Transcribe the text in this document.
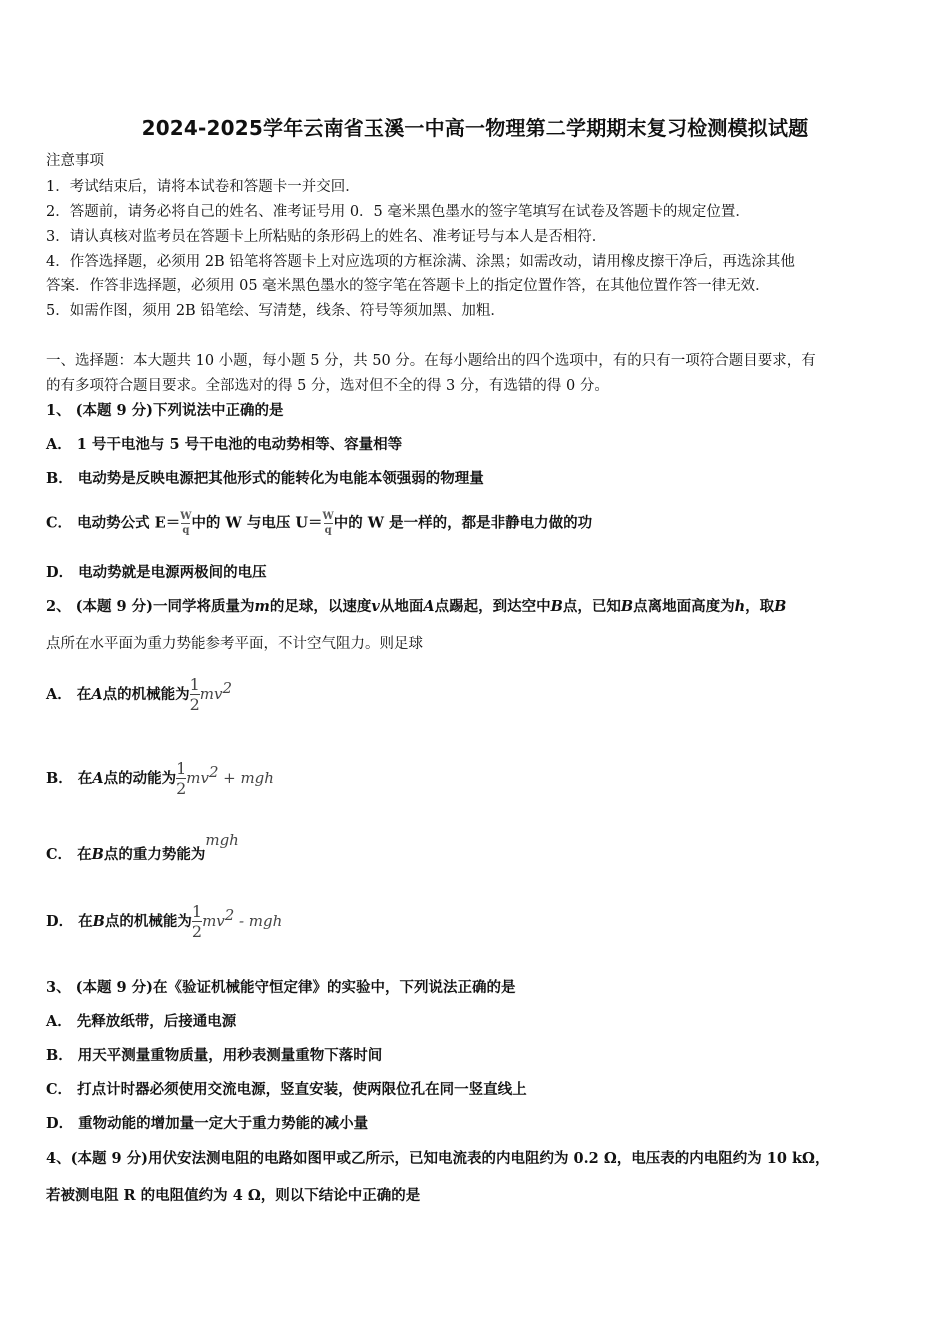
2024-2025学年云南省玉溪一中高一物理第二学期期末复习检测模拟试题
注意事项
1．考试结束后，请将本试卷和答题卡一并交回．
2．答题前，请务必将自己的姓名、准考证号用 0．5 毫米黑色墨水的签字笔填写在试卷及答题卡的规定位置．
3．请认真核对监考员在答题卡上所粘贴的条形码上的姓名、准考证号与本人是否相符．
4．作答选择题，必须用 2B 铅笔将答题卡上对应选项的方框涂满、涂黑；如需改动，请用橡皮擦干净后，再选涂其他
答案．作答非选择题，必须用 05 毫米黑色墨水的签字笔在答题卡上的指定位置作答，在其他位置作答一律无效．
5．如需作图，须用 2B 铅笔绘、写清楚，线条、符号等须加黑、加粗．
一、选择题：本大题共 10 小题，每小题 5 分，共 50 分。在每小题给出的四个选项中，有的只有一项符合题目要求，有
的有多项符合题目要求。全部选对的得 5 分，选对但不全的得 3 分，有选错的得 0 分。
1、 (本题 9 分)下列说法中正确的是
A． 1 号干电池与 5 号干电池的电动势相等、容量相等
B． 电动势是反映电源把其他形式的能转化为电能本领强弱的物理量
C． 电动势公式 $E= \frac{W}{q}$ 中的 W 与电压 $U= \frac{W}{q}$ 中的 W 是一样的，都是非静电力做的功
D． 电动势就是电源两极间的电压
2、 (本题 9 分)一同学将质量为m的足球，以速度v从地面A点踢起，到达空中B点，已知B点离地面高度为h，取B
点所在水平面为重力势能参考平面，不计空气阻力。则足球
A． 在A点的机械能为 $\frac{1}{2} mv^2$
B． 在A点的动能为 $\frac{1}{2} mv^2$ + mgh
C． 在B点的重力势能为mgh
D． 在B点的机械能为 $\frac{1}{2} mv^2$ - mgh
3、 (本题 9 分)在《验证机械能守恒定律》的实验中，下列说法正确的是
A． 先释放纸带，后接通电源
B． 用天平测量重物质量，用秒表测量重物下落时间
C． 打点计时器必须使用交流电源，竖直安装，使两限位孔在同一竖直线上
D． 重物动能的增加量一定大于重力势能的减小量
4、(本题 9 分)用伏安法测电阻的电路如图甲或乙所示，已知电流表的内电阻约为 0.2 Ω，电压表的内电阻约为 10 kΩ，
若被测电阻 R 的电阻值约为 4 Ω，则以下结论中正确的是
